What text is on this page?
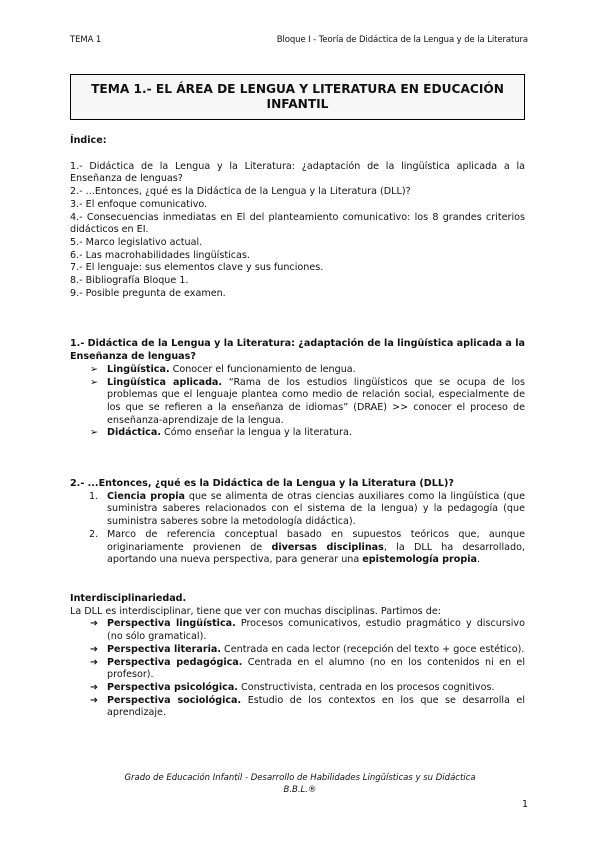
TEMA 1	Bloque I - Teoría de Didáctica de la Lengua y de la Literatura
TEMA 1.- EL ÁREA DE LENGUA Y LITERATURA EN EDUCACIÓN INFANTIL

Índice:

1.- Didáctica de la Lengua y la Literatura: ¿adaptación de la lingüística aplicada a la Enseñanza de lenguas?

2.- ...Entonces, ¿qué es la Didáctica de la Lengua y la Literatura (DLL)?

3.- El enfoque comunicativo.

4.- Consecuencias inmediatas en El del planteamiento comunicativo: los 8 grandes criterios didácticos en EI.

5.- Marco legislativo actual.

6.- Las macrohabilidades lingüísticas.

7.- El lenguaje: sus elementos clave y sus funciones.

8.- Bibliografía Bloque 1.

9.- Posible pregunta de examen.

1.- Didáctica de la Lengua y la Literatura: ¿adaptación de la lingüística aplicada a la Enseñanza de lenguas?

➢ Lingüística. Conocer el funcionamiento de lengua.
➢ Lingüística aplicada. “Rama de los estudios lingüísticos que se ocupa de los problemas que el lenguaje plantea como medio de relación social, especialmente de los que se refieren a la enseñanza de idiomas” (DRAE) >> conocer el proceso de enseñanza-aprendizaje de la lengua.
➢ Didáctica. Cómo enseñar la lengua y la literatura.

2.- ...Entonces, ¿qué es la Didáctica de la Lengua y la Literatura (DLL)?

1. Ciencia propia que se alimenta de otras ciencias auxiliares como la lingüística (que suministra saberes relacionados con el sistema de la lengua) y la pedagogía (que suministra saberes sobre la metodología didáctica).
2. Marco de referencia conceptual basado en supuestos teóricos que, aunque originariamente provienen de diversas disciplinas, la DLL ha desarrollado, aportando una nueva perspectiva, para generar una epistemología propia.

Interdisciplinariedad.

La DLL es interdisciplinar, tiene que ver con muchas disciplinas. Partimos de:

➔ Perspectiva lingüística. Procesos comunicativos, estudio pragmático y discursivo (no sólo gramatical).
➔ Perspectiva literaria. Centrada en cada lector (recepción del texto + goce estético).
➔ Perspectiva pedagógica. Centrada en el alumno (no en los contenidos ni en el profesor).
➔ Perspectiva psicológica. Constructivista, centrada en los procesos cognitivos.
➔ Perspectiva sociológica. Estudio de los contextos en los que se desarrolla el aprendizaje.
Grado de Educación Infantil - Desarrollo de Habilidades Lingüísticas y su Didáctica
B.B.L.®
1
